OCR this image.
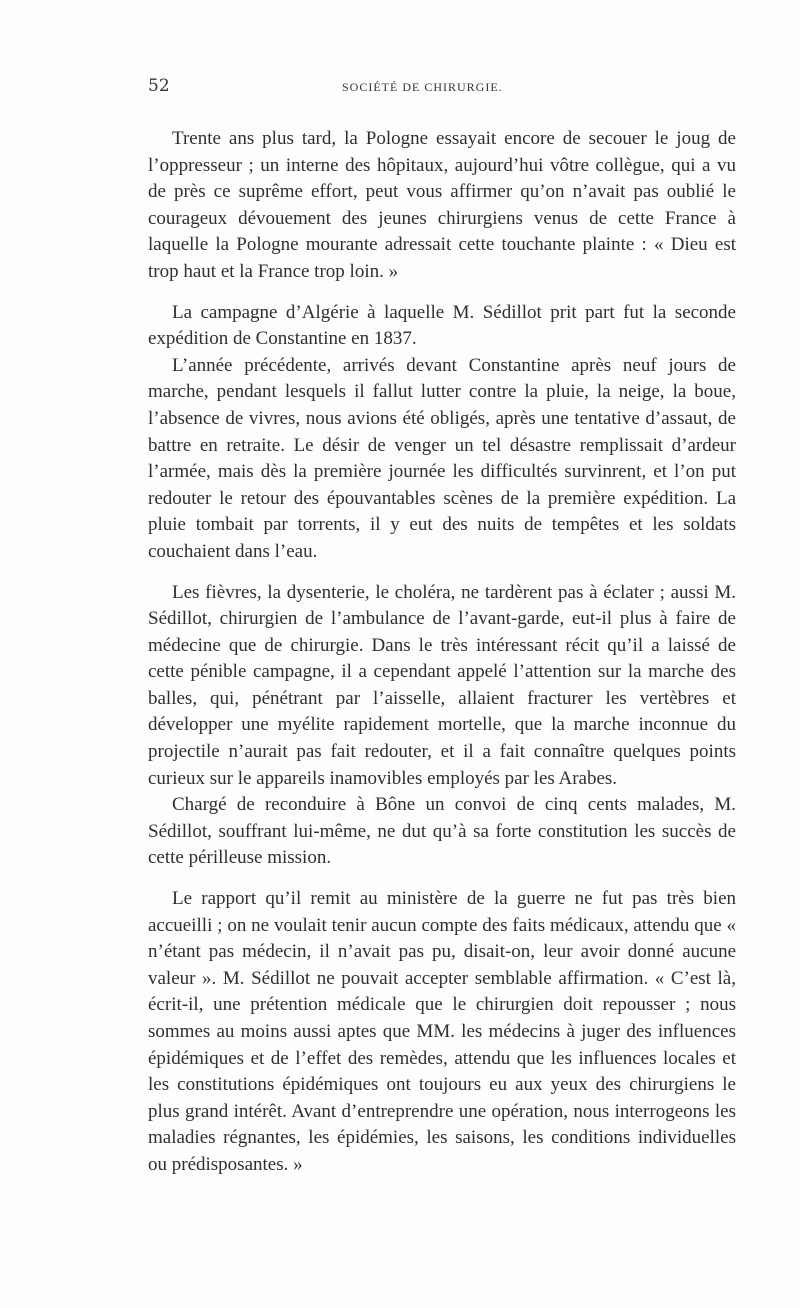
52	SOCIÉTÉ DE CHIRURGIE.

Trente ans plus tard, la Pologne essayait encore de secouer le joug de l’oppresseur ; un interne des hôpitaux, aujourd’hui vôtre collègue, qui a vu de près ce suprême effort, peut vous affirmer qu’on n’avait pas oublié le courageux dévouement des jeunes chirurgiens venus de cette France à laquelle la Pologne mourante adressait cette touchante plainte : « Dieu est trop haut et la France trop loin. »

La campagne d’Algérie à laquelle M. Sédillot prit part fut la seconde expédition de Constantine en 1837.

L’année précédente, arrivés devant Constantine après neuf jours de marche, pendant lesquels il fallut lutter contre la pluie, la neige, la boue, l’absence de vivres, nous avions été obligés, après une tentative d’assaut, de battre en retraite. Le désir de venger un tel désastre remplissait d’ardeur l’armée, mais dès la première journée les difficultés survinrent, et l’on put redouter le retour des épouvantables scènes de la première expédition. La pluie tombait par torrents, il y eut des nuits de tempêtes et les soldats couchaient dans l’eau.

Les fièvres, la dysenterie, le choléra, ne tardèrent pas à éclater ; aussi M. Sédillot, chirurgien de l’ambulance de l’avant-garde, eut-il plus à faire de médecine que de chirurgie. Dans le très intéressant récit qu’il a laissé de cette pénible campagne, il a cependant appelé l’attention sur la marche des balles, qui, pénétrant par l’aisselle, allaient fracturer les vertèbres et développer une myélite rapidement mortelle, que la marche inconnue du projectile n’aurait pas fait redouter, et il a fait connaître quelques points curieux sur le appareils inamovibles employés par les Arabes.

Chargé de reconduire à Bône un convoi de cinq cents malades, M. Sédillot, souffrant lui-même, ne dut qu’à sa forte constitution les succès de cette périlleuse mission.

Le rapport qu’il remit au ministère de la guerre ne fut pas très bien accueilli ; on ne voulait tenir aucun compte des faits médicaux, attendu que « n’étant pas médecin, il n’avait pas pu, disait-on, leur avoir donné aucune valeur ». M. Sédillot ne pouvait accepter semblable affirmation. « C’est là, écrit-il, une prétention médicale que le chirurgien doit repousser ; nous sommes au moins aussi aptes que MM. les médecins à juger des influences épidémiques et de l’effet des remèdes, attendu que les influences locales et les constitutions épidémiques ont toujours eu aux yeux des chirurgiens le plus grand intérêt. Avant d’entreprendre une opération, nous interrogeons les maladies régnantes, les épidémies, les saisons, les conditions individuelles ou prédisposantes. »
